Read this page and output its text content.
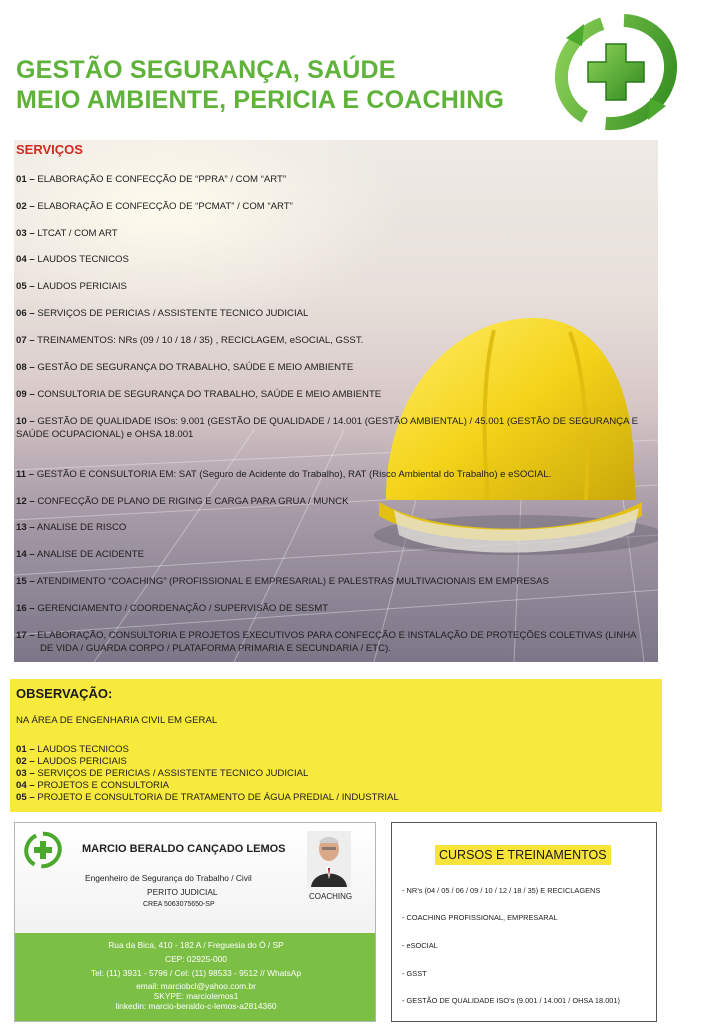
GESTÃO SEGURANÇA, SAÚDE
MEIO AMBIENTE, PERICIA E COACHING
SERVIÇOS
01 – ELABORAÇÃO E CONFECÇÃO DE “PPRA” / COM “ART”
02 – ELABORAÇÃO E CONFECÇÃO DE “PCMAT” / COM “ART”
03 – LTCAT / COM ART
04 – LAUDOS TECNICOS
05 – LAUDOS PERICIAIS
06 – SERVIÇOS DE PERICIAS / ASSISTENTE TECNICO JUDICIAL
07 – TREINAMENTOS: NRs (09 / 10 / 18 / 35) , RECICLAGEM, eSOCIAL, GSST.
08 – GESTÃO DE SEGURANÇA DO TRABALHO, SAÚDE E MEIO AMBIENTE
09 – CONSULTORIA DE SEGURANÇA DO TRABALHO, SAÚDE E MEIO AMBIENTE
10 – GESTÃO DE QUALIDADE ISOs: 9.001 (GESTÃO DE QUALIDADE / 14.001 (GESTÃO AMBIENTAL) / 45.001 (GESTÃO DE SEGURANÇA E SAÚDE OCUPACIONAL) e OHSA 18.001
11 – GESTÃO E CONSULTORIA EM: SAT (Seguro de Acidente do Trabalho), RAT (Risco Ambiental do Trabalho) e eSOCIAL.
12 – CONFECÇÃO DE PLANO DE RIGING E CARGA PARA GRUA / MUNCK
13 – ANALISE DE RISCO
14 – ANALISE DE ACIDENTE
15 – ATENDIMENTO “COACHING” (PROFISSIONAL E EMPRESARIAL) E PALESTRAS MULTIVACIONAIS EM EMPRESAS
16 – GERENCIAMENTO / COORDENAÇÃO / SUPERVISÃO DE SESMT
17 – ELABORAÇÃO, CONSULTORIA E PROJETOS EXECUTIVOS PARA CONFECÇÃO E INSTALAÇÃO DE PROTEÇÕES COLETIVAS (LINHA DE VIDA / GUARDA CORPO / PLATAFORMA PRIMARIA E SECUNDARIA / ETC).
OBSERVAÇÃO:
NA ÁREA DE ENGENHARIA CIVIL EM GERAL
01 – LAUDOS TECNICOS
02 – LAUDOS PERICIAIS
03 – SERVIÇOS DE PERICIAS / ASSISTENTE TECNICO JUDICIAL
04 – PROJETOS E CONSULTORIA
05 – PROJETO E CONSULTORIA DE TRATAMENTO DE ÁGUA PREDIAL / INDUSTRIAL
MARCIO BERALDO CANÇADO LEMOS
Engenheiro de Segurança do Trabalho / Civil
PERITO JUDICIAL
CREA 5063075650-SP
COACHING
Rua da Bica, 410 - 182 A / Freguesia do Ó / SP
CEP: 02925-000
Tel: (11) 3931 - 5796 / Cel: (11) 98533 - 9512 // WhatsAp
email: marciobcl@yahoo.com.br
SKYPE: marciolemos1
linkedin: marcio-beraldo-c-lemos-a2814360
CURSOS E TREINAMENTOS
- NR’s (04 / 05 / 06 / 09 / 10 / 12 / 18 / 35) E RECICLAGENS
- COACHING PROFISSIONAL, EMPRESARAL
- eSOCIAL
- GSST
- GESTÃO DE QUALIDADE ISO’s (9.001 / 14.001 / OHSA 18.001)
